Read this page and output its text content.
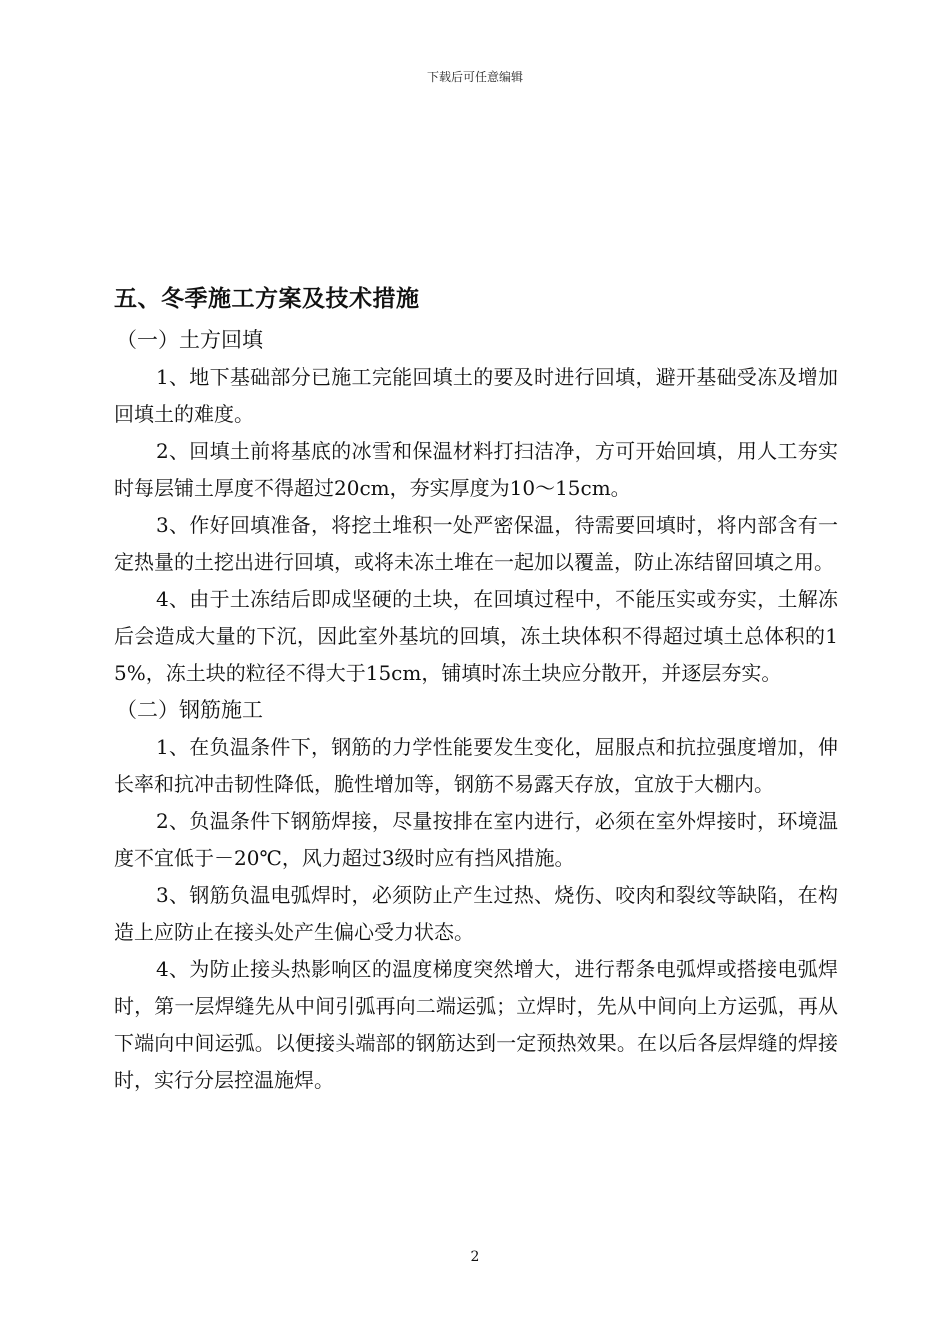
下载后可任意编辑
五、冬季施工方案及技术措施

（一）土方回填

1、地下基础部分已施工完能回填土的要及时进行回填，避开基础受冻及增加回填土的难度。

2、回填土前将基底的冰雪和保温材料打扫洁净，方可开始回填，用人工夯实时每层铺土厚度不得超过20cm，夯实厚度为10～15cm。

3、作好回填准备，将挖土堆积一处严密保温，待需要回填时，将内部含有一定热量的土挖出进行回填，或将未冻土堆在一起加以覆盖，防止冻结留回填之用。

4、由于土冻结后即成坚硬的土块，在回填过程中，不能压实或夯实，土解冻后会造成大量的下沉，因此室外基坑的回填，冻土块体积不得超过填土总体积的15%，冻土块的粒径不得大于15cm，铺填时冻土块应分散开，并逐层夯实。

（二）钢筋施工

1、在负温条件下，钢筋的力学性能要发生变化，屈服点和抗拉强度增加，伸长率和抗冲击韧性降低，脆性增加等，钢筋不易露天存放，宜放于大棚内。

2、负温条件下钢筋焊接，尽量按排在室内进行，必须在室外焊接时，环境温度不宜低于－20℃，风力超过3级时应有挡风措施。

3、钢筋负温电弧焊时，必须防止产生过热、烧伤、咬肉和裂纹等缺陷，在构造上应防止在接头处产生偏心受力状态。

4、为防止接头热影响区的温度梯度突然增大，进行帮条电弧焊或搭接电弧焊时，第一层焊缝先从中间引弧再向二端运弧；立焊时，先从中间向上方运弧，再从下端向中间运弧。以便接头端部的钢筋达到一定预热效果。在以后各层焊缝的焊接时，实行分层控温施焊。

2
